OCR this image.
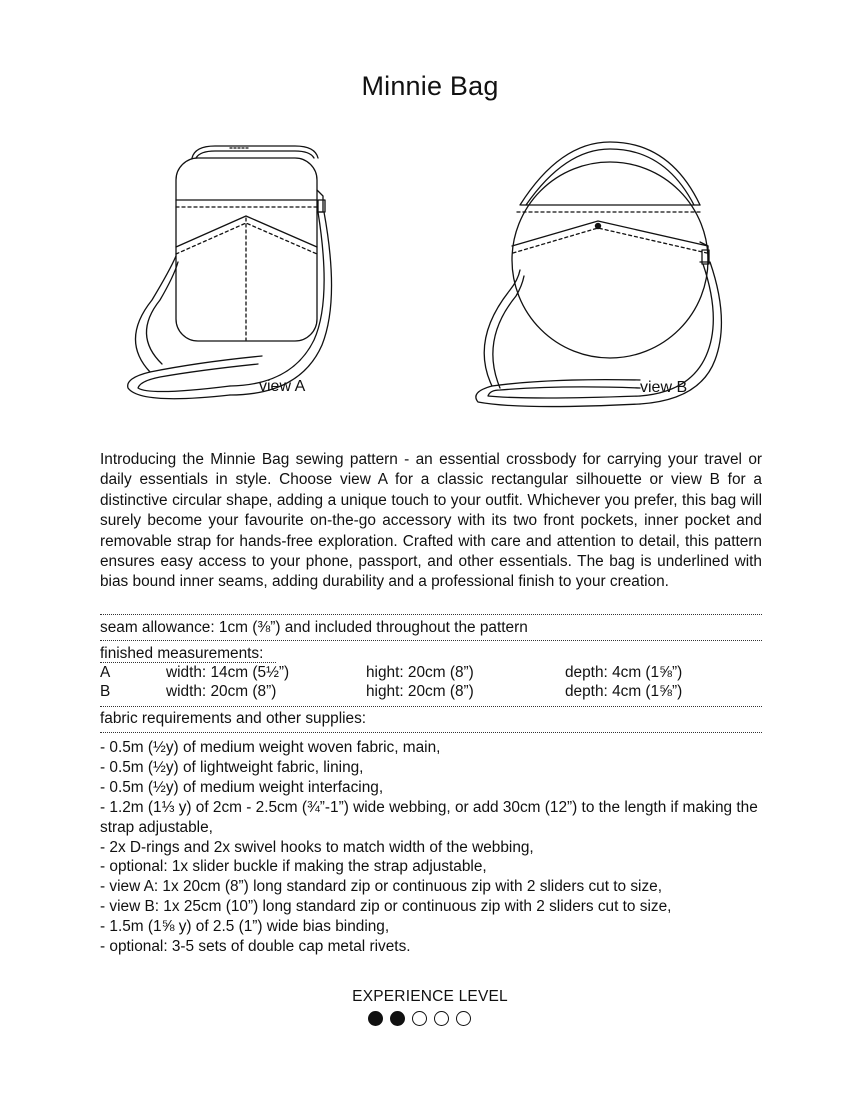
Minnie Bag
view A	view B
Introducing the Minnie Bag sewing pattern - an essential crossbody for carrying your travel or daily essentials in style. Choose view A for a classic rectangular silhouette or view B for a distinctive circular shape, adding a unique touch to your outfit. Whichever you prefer, this bag will surely become your favourite on-the-go accessory with its two front pockets, inner pocket and removable strap for hands-free exploration. Crafted with care and attention to detail, this pattern ensures easy access to your phone, passport, and other essentials. The bag is underlined with bias bound inner seams, adding durability and a professional finish to your creation.
seam allowance: 1cm (⅜”) and included throughout the pattern
finished measurements:
A	width: 14cm (5½”)	hight: 20cm (8”)	depth: 4cm (1⅝”)
B	width: 20cm (8”)	hight: 20cm (8”)	depth: 4cm (1⅝”)
fabric requirements and other supplies:
- 0.5m (½y) of medium weight woven fabric, main,
- 0.5m (½y) of lightweight fabric, lining,
- 0.5m (½y) of medium weight interfacing,
- 1.2m (1⅓ y) of 2cm - 2.5cm (¾”-1”) wide webbing, or add 30cm (12”) to the length if making the strap adjustable,
- 2x D-rings and 2x swivel hooks to match width of the webbing,
- optional: 1x slider buckle if making the strap adjustable,
- view A: 1x 20cm (8”) long standard zip or continuous zip with 2 sliders cut to size,
- view B: 1x 25cm (10”) long standard zip or continuous zip with 2 sliders cut to size,
- 1.5m (1⅝ y) of 2.5 (1”) wide bias binding,
- optional: 3-5 sets of double cap metal rivets.
EXPERIENCE LEVEL
